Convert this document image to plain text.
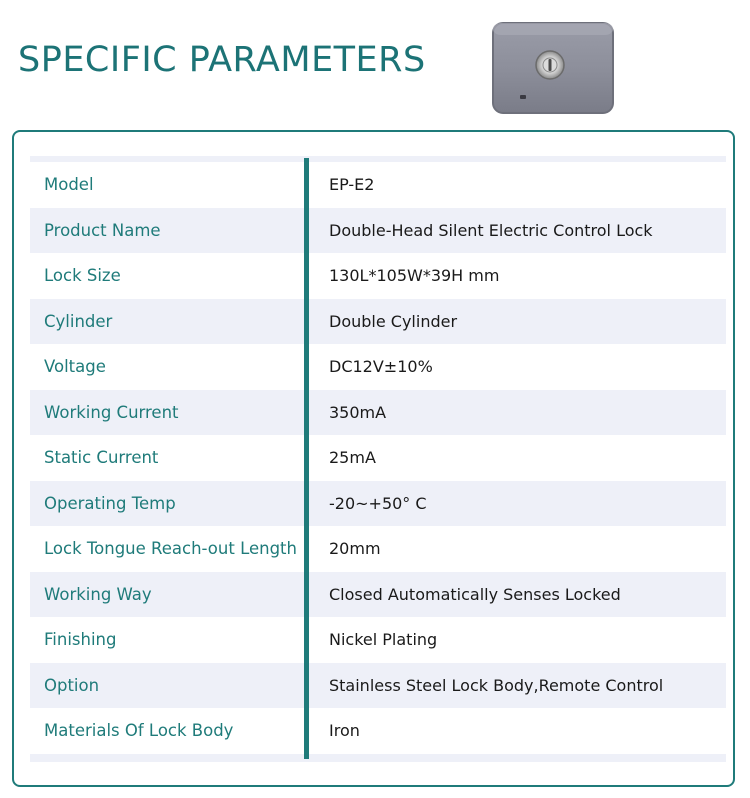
SPECIFIC PARAMETERS
Model	EP-E2
Product Name	Double-Head Silent Electric Control Lock
Lock Size	130L*105W*39H mm
Cylinder	Double Cylinder
Voltage	DC12V±10%
Working Current	350mA
Static Current	25mA
Operating Temp	-20~+50° C
Lock Tongue Reach-out Length	20mm
Working Way	Closed Automatically Senses Locked
Finishing	Nickel Plating
Option	Stainless Steel Lock Body,Remote Control
Materials Of Lock Body	Iron
